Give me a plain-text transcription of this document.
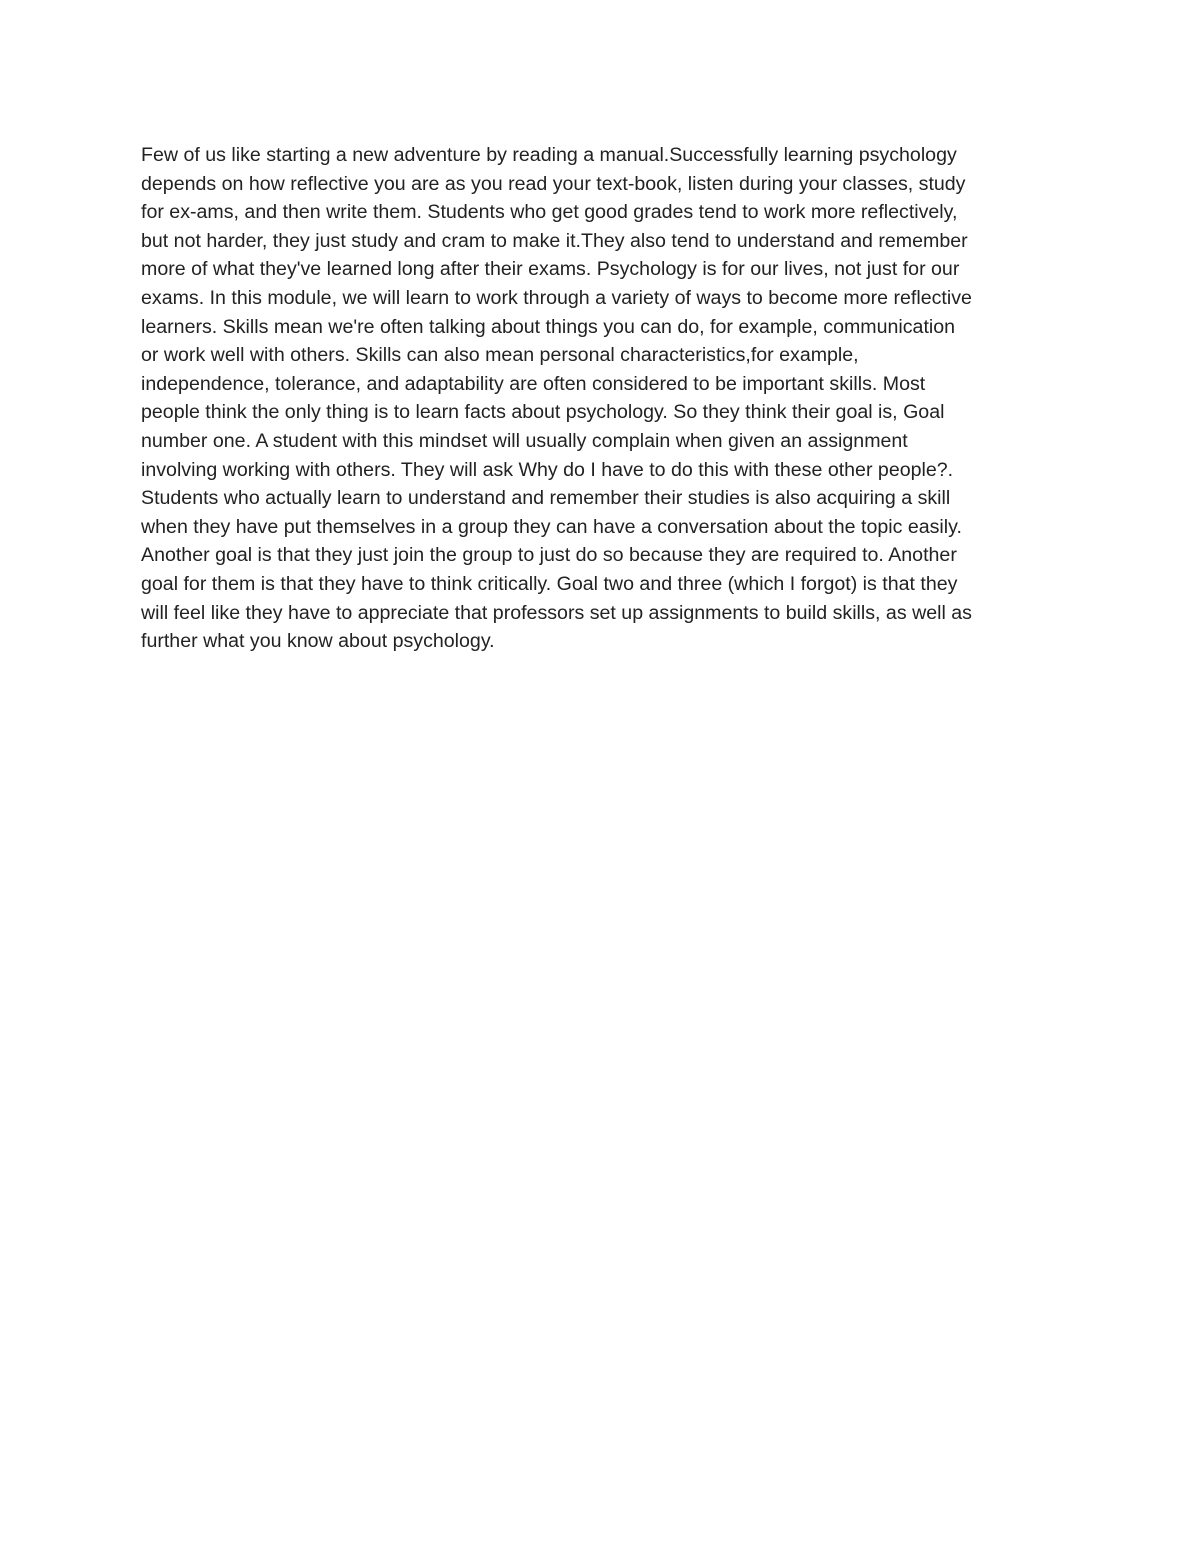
Few of us like starting a new adventure by reading a manual.Successfully learning psychology
depends on how reflective you are as you read your text-book, listen during your classes, study
for ex-ams, and then write them. Students who get good grades tend to work more reflectively,
but not harder, they just study and cram to make it.They also tend to understand and remember
more of what they've learned long after their exams. Psychology is for our lives, not just for our
exams. In this module, we will learn to work through a variety of ways to become more reflective
learners. Skills mean we're often talking about things you can do, for example, communication
or work well with others. Skills can also mean personal characteristics,for example,
independence, tolerance, and adaptability are often considered to be important skills. Most
people think the only thing is to learn facts about psychology. So they think their goal is, Goal
number one. A student with this mindset will usually complain when given an assignment
involving working with others. They will ask Why do I have to do this with these other people?.
Students who actually learn to understand and remember their studies is also acquiring a skill
when they have put themselves in a group they can have a conversation about the topic easily.
Another goal is that they just join the group to just do so because they are required to. Another
goal for them is that they have to think critically. Goal two and three (which I forgot) is that they
will feel like they have to appreciate that professors set up assignments to build skills, as well as
further what you know about psychology.
